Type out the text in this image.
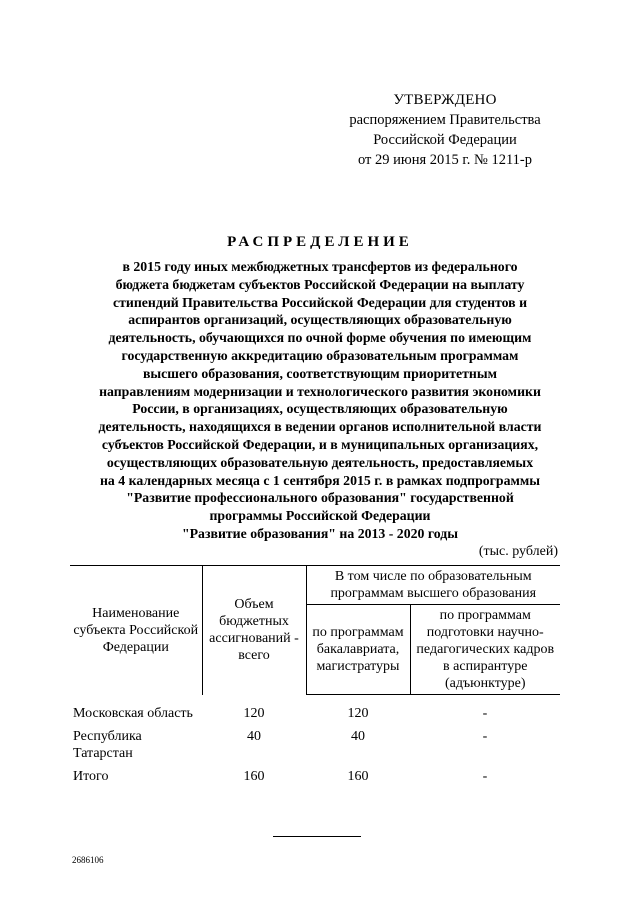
УТВЕРЖДЕНО
распоряжением Правительства
Российской Федерации
от 29 июня 2015 г. № 1211-р
РАСПРЕДЕЛЕНИЕ
в 2015 году иных межбюджетных трансфертов из федерального
бюджета бюджетам субъектов Российской Федерации на выплату
стипендий Правительства Российской Федерации для студентов и
аспирантов организаций, осуществляющих образовательную
деятельность, обучающихся по очной форме обучения по имеющим
государственную аккредитацию образовательным программам
высшего образования, соответствующим приоритетным
направлениям модернизации и технологического развития экономики
России, в организациях, осуществляющих образовательную
деятельность, находящихся в ведении органов исполнительной власти
субъектов Российской Федерации, и в муниципальных организациях,
осуществляющих образовательную деятельность, предоставляемых
на 4 календарных месяца с 1 сентября 2015 г. в рамках подпрограммы
"Развитие профессионального образования" государственной
программы Российской Федерации
"Развитие образования" на 2013 - 2020 годы
(тыс. рублей)
Наименование субъекта Российской Федерации	Объем бюджетных ассигнований - всего	В том числе по образовательным программам высшего образования	
		по программам бакалавриата, магистратуры	по программам подготовки научно-педагогических кадров в аспирантуре (адъюнктуре)
Московская область	120	120	-
Республика Татарстан	40	40	-
Итого	160	160	-
2686106
